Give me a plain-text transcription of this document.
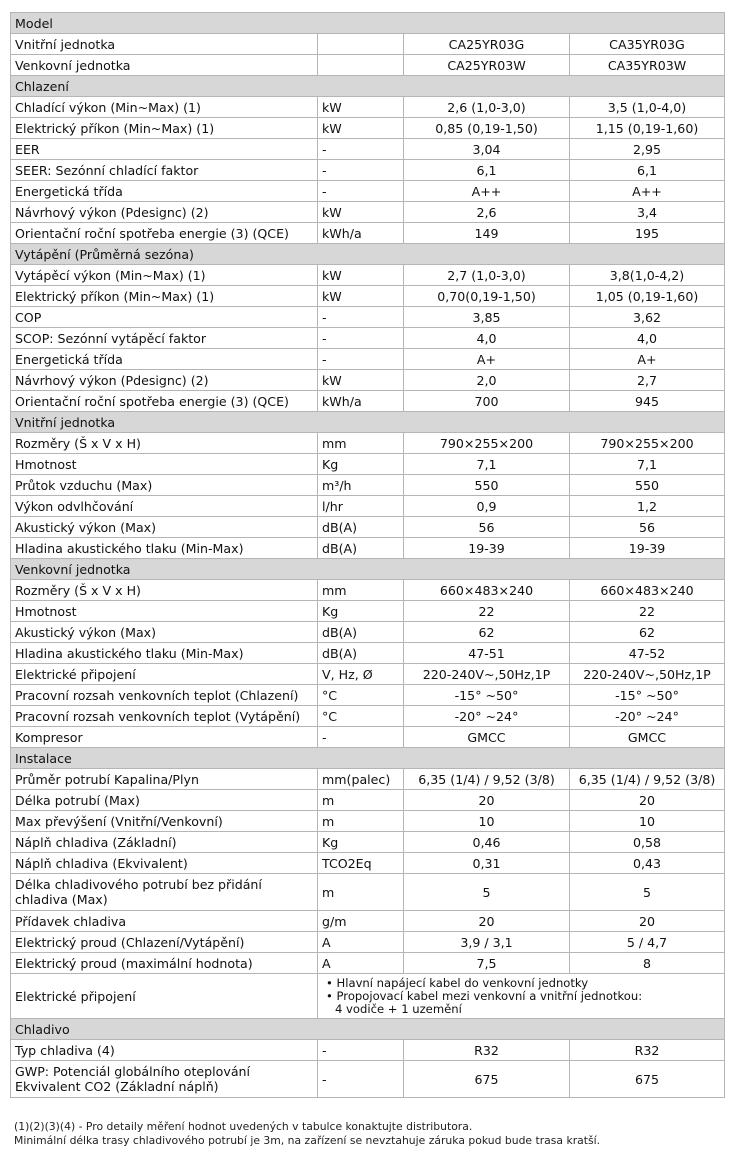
Model			
Vnitřní jednotka		CA25YR03G	CA35YR03G
Venkovní jednotka		CA25YR03W	CA35YR03W
Chlazení			
Chladící výkon (Min~Max) (1)	kW	2,6 (1,0-3,0)	3,5 (1,0-4,0)
Elektrický příkon (Min~Max) (1)	kW	0,85 (0,19-1,50)	1,15 (0,19-1,60)
EER	-	3,04	2,95
SEER: Sezónní chladící faktor	-	6,1	6,1
Energetická třída	-	A++	A++
Návrhový výkon (Pdesignc) (2)	kW	2,6	3,4
Orientační roční spotřeba energie (3) (QCE)	kWh/a	149	195
Vytápění (Průměrná sezóna)			
Vytápěcí výkon (Min~Max) (1)	kW	2,7 (1,0-3,0)	3,8(1,0-4,2)
Elektrický příkon (Min~Max) (1)	kW	0,70(0,19-1,50)	1,05 (0,19-1,60)
COP	-	3,85	3,62
SCOP: Sezónní vytápěcí faktor	-	4,0	4,0
Energetická třída	-	A+	A+
Návrhový výkon (Pdesignc) (2)	kW	2,0	2,7
Orientační roční spotřeba energie (3) (QCE)	kWh/a	700	945
Vnitřní jednotka			
Rozměry (Š x V x H)	mm	790×255×200	790×255×200
Hmotnost	Kg	7,1	7,1
Průtok vzduchu (Max)	m³/h	550	550
Výkon odvlhčování	l/hr	0,9	1,2
Akustický výkon (Max)	dB(A)	56	56
Hladina akustického tlaku (Min-Max)	dB(A)	19-39	19-39
Venkovní jednotka			
Rozměry (Š x V x H)	mm	660×483×240	660×483×240
Hmotnost	Kg	22	22
Akustický výkon (Max)	dB(A)	62	62
Hladina akustického tlaku (Min-Max)	dB(A)	47-51	47-52
Elektrické připojení	V, Hz, Ø	220-240V~,50Hz,1P	220-240V~,50Hz,1P
Pracovní rozsah venkovních teplot (Chlazení)	°C	-15° ~50°	-15° ~50°
Pracovní rozsah venkovních teplot (Vytápění)	°C	-20° ~24°	-20° ~24°
Kompresor	-	GMCC	GMCC
Instalace			
Průměr potrubí Kapalina/Plyn	mm(palec)	6,35 (1/4) / 9,52 (3/8)	6,35 (1/4) / 9,52 (3/8)
Délka potrubí (Max)	m	20	20
Max převýšení (Vnitřní/Venkovní)	m	10	10
Náplň chladiva (Základní)	Kg	0,46	0,58
Náplň chladiva (Ekvivalent)	TCO2Eq	0,31	0,43
Délka chladivového potrubí bez přidání chladiva (Max)	m	5	5
Přídavek chladiva	g/m	20	20
Elektrický proud (Chlazení/Vytápění)	A	3,9 / 3,1	5 / 4,7
Elektrický proud (maximální hodnota)	A	7,5	8
Elektrické připojení	• Hlavní napájecí kabel do venkovní jednotky
• Propojovací kabel mezi venkovní a vnitřní jednotkou:
4 vodiče + 1 uzemění		

Chladivo			
Typ chladiva (4)	-	R32	R32
GWP: Potenciál globálního oteplování Ekvivalent CO2 (Základní náplň)	-	675	675
(1)(2)(3)(4) - Pro detaily měření hodnot uvedených v tabulce konaktujte distributora.
Minimální délka trasy chladivového potrubí je 3m, na zařízení se nevztahuje záruka pokud bude trasa kratší.
